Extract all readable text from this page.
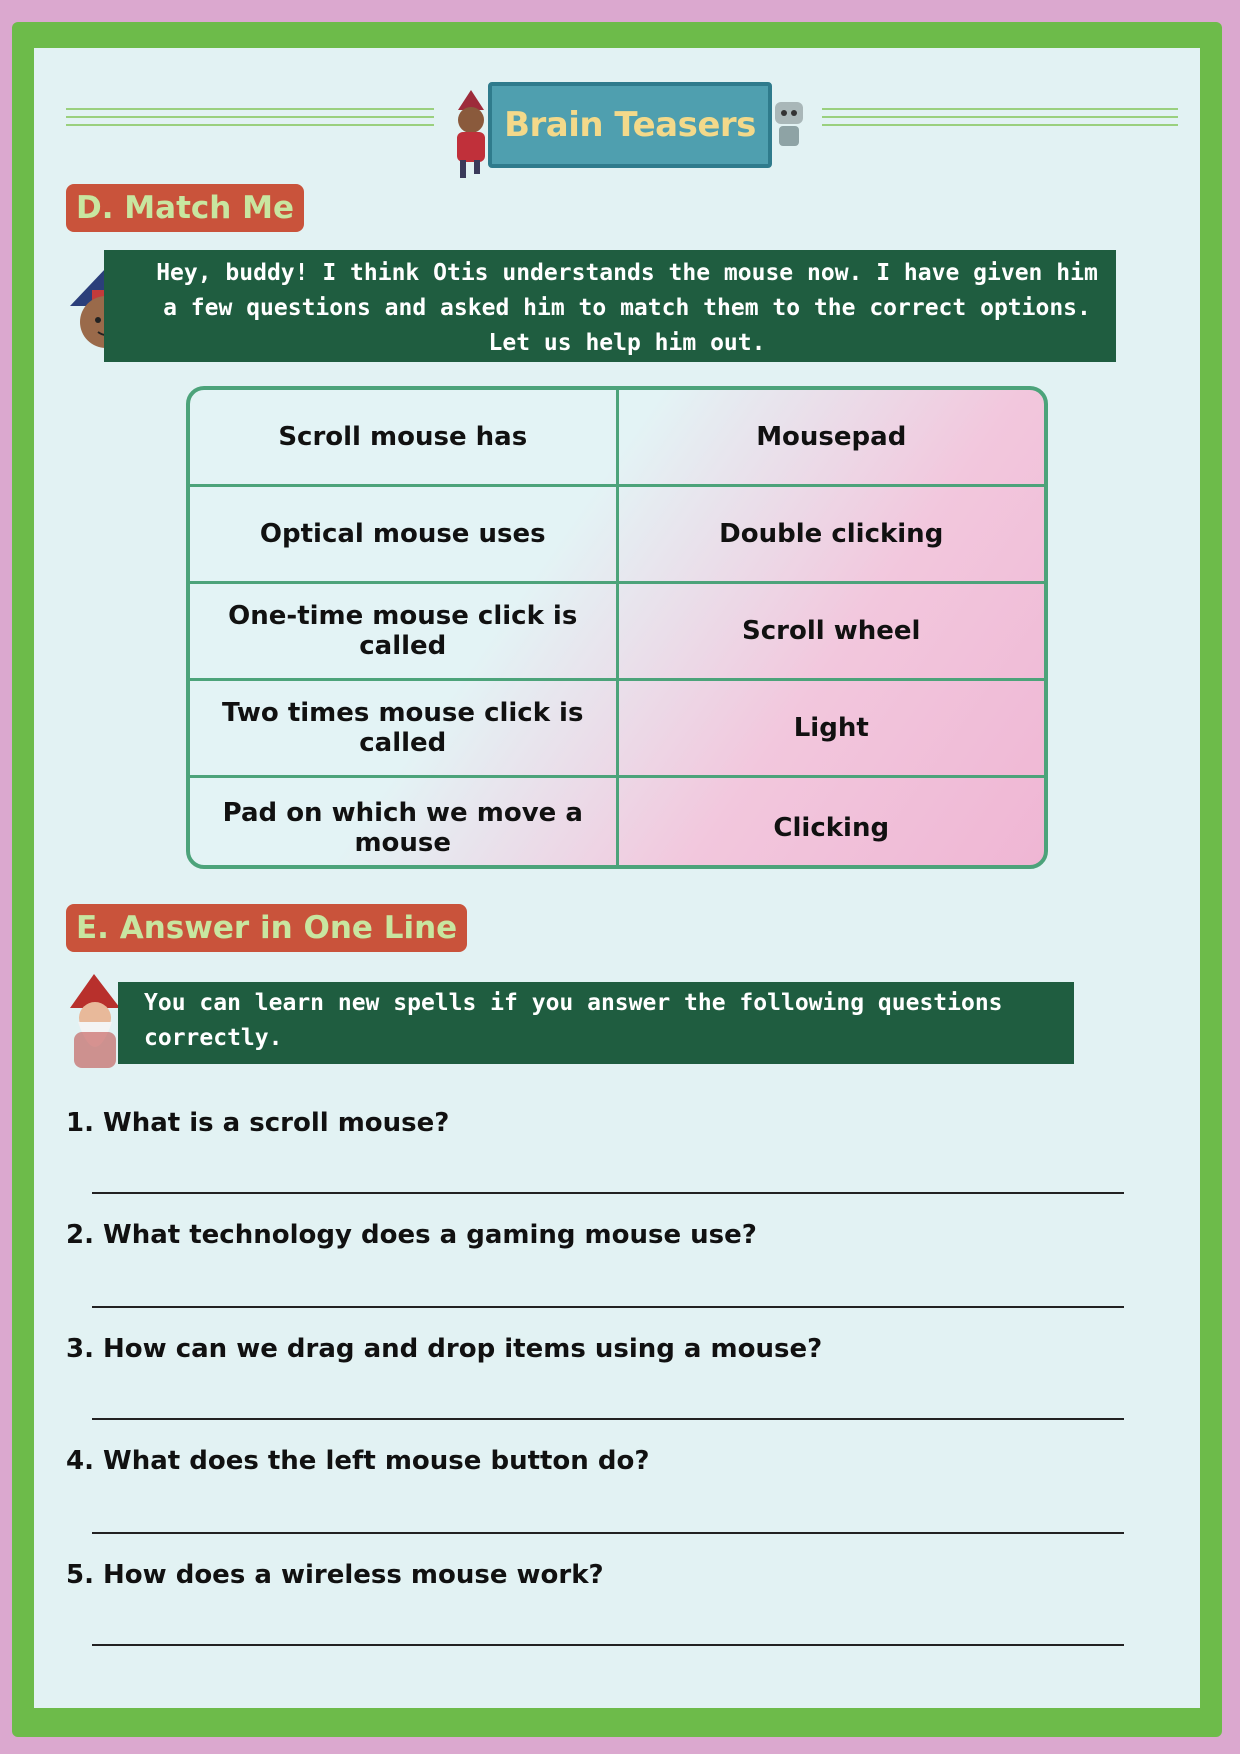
Brain Teasers
D. Match Me
Hey, buddy! I think Otis understands the mouse now. I have given him a few questions and asked him to match them to the correct options. Let us help him out.
Scroll mouse has	Mousepad
Optical mouse uses	Double clicking
One-time mouse click is called	Scroll wheel
Two times mouse click is called	Light
Pad on which we move a mouse	Clicking
E. Answer in One Line
You can learn new spells if you answer the following questions correctly.
1. What is a scroll mouse?
2. What technology does a gaming mouse use?
3. How can we drag and drop items using a mouse?
4. What does the left mouse button do?
5. How does a wireless mouse work?
